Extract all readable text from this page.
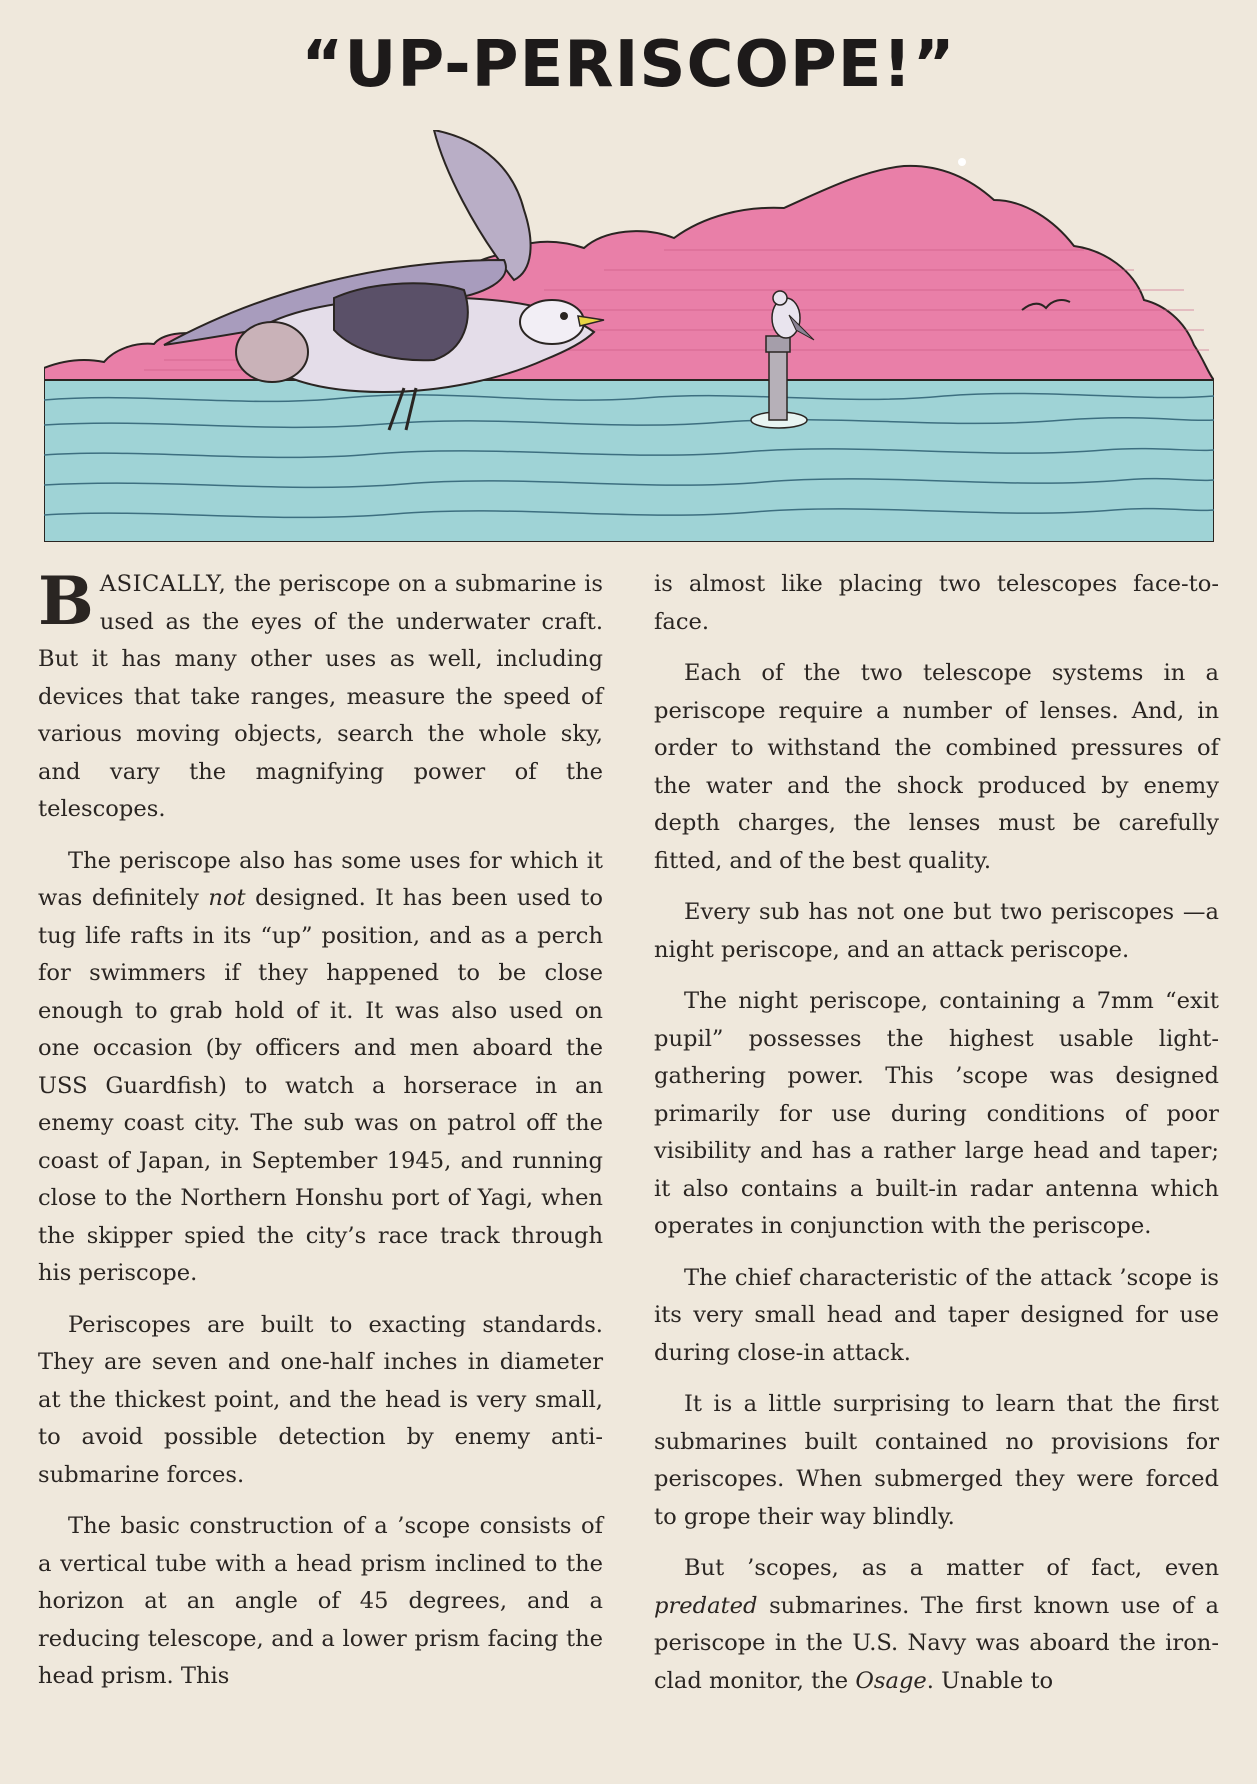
“UP-PERISCOPE!”

BASICALLY, the periscope on a submarine is used as the eyes of the underwater craft. But it has many other uses as well, including devices that take ranges, measure the speed of various moving objects, search the whole sky, and vary the magnifying power of the telescopes.

The periscope also has some uses for which it was definitely not designed. It has been used to tug life rafts in its “up” position, and as a perch for swimmers if they happened to be close enough to grab hold of it. It was also used on one occasion (by officers and men aboard the USS Guardfish) to watch a horserace in an enemy coast city. The sub was on patrol off the coast of Japan, in September 1945, and running close to the Northern Honshu port of Yagi, when the skipper spied the city’s race track through his periscope.

Periscopes are built to exacting standards. They are seven and one-half inches in diameter at the thickest point, and the head is very small, to avoid possible detection by enemy anti-submarine forces.

The basic construction of a ’scope consists of a vertical tube with a head prism inclined to the horizon at an angle of 45 degrees, and a reducing telescope, and a lower prism facing the head prism. This

is almost like placing two telescopes face-to-face.

Each of the two telescope systems in a periscope require a number of lenses. And, in order to withstand the combined pressures of the water and the shock produced by enemy depth charges, the lenses must be carefully fitted, and of the best quality.

Every sub has not one but two periscopes —a night periscope, and an attack periscope.

The night periscope, containing a 7mm “exit pupil” possesses the highest usable light-gathering power. This ’scope was designed primarily for use during conditions of poor visibility and has a rather large head and taper; it also contains a built-in radar antenna which operates in conjunction with the periscope.

The chief characteristic of the attack ’scope is its very small head and taper designed for use during close-in attack.

It is a little surprising to learn that the first submarines built contained no provisions for periscopes. When submerged they were forced to grope their way blindly.

But ’scopes, as a matter of fact, even predated submarines. The first known use of a periscope in the U.S. Navy was aboard the iron-clad monitor, the Osage. Unable to
